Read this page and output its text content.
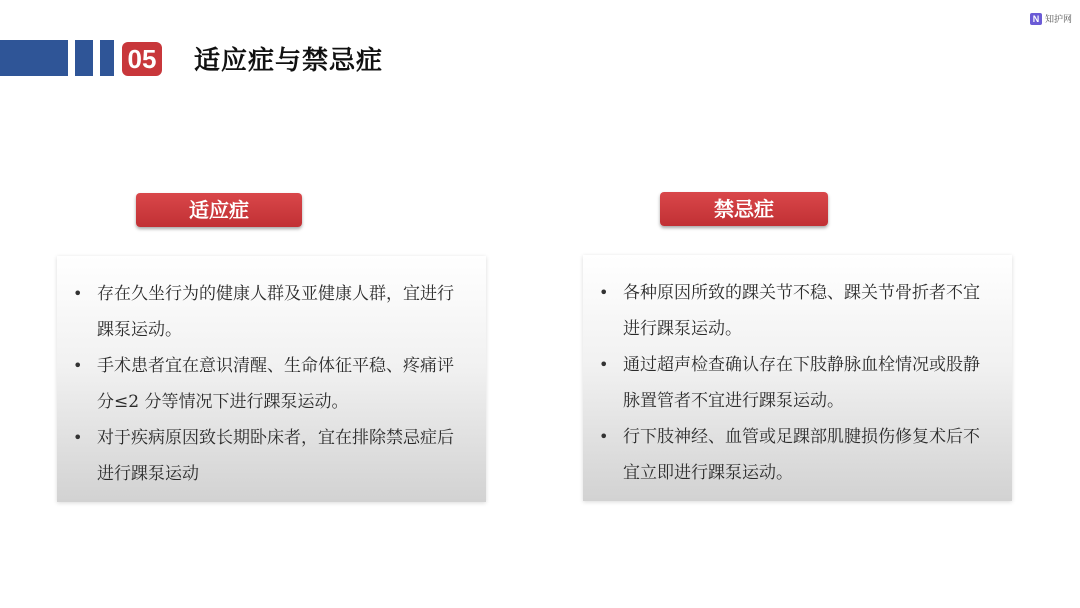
05 适应症与禁忌症
N 知护网
适应症
• 存在久坐行为的健康人群及亚健康人群，宜进行踝泵运动。
• 手术患者宜在意识清醒、生命体征平稳、疼痛评分≤2 分等情况下进行踝泵运动。
• 对于疾病原因致长期卧床者，宜在排除禁忌症后进行踝泵运动
禁忌症
• 各种原因所致的踝关节不稳、踝关节骨折者不宜进行踝泵运动。
• 通过超声检查确认存在下肢静脉血栓情况或股静脉置管者不宜进行踝泵运动。
• 行下肢神经、血管或足踝部肌腱损伤修复术后不宜立即进行踝泵运动。
